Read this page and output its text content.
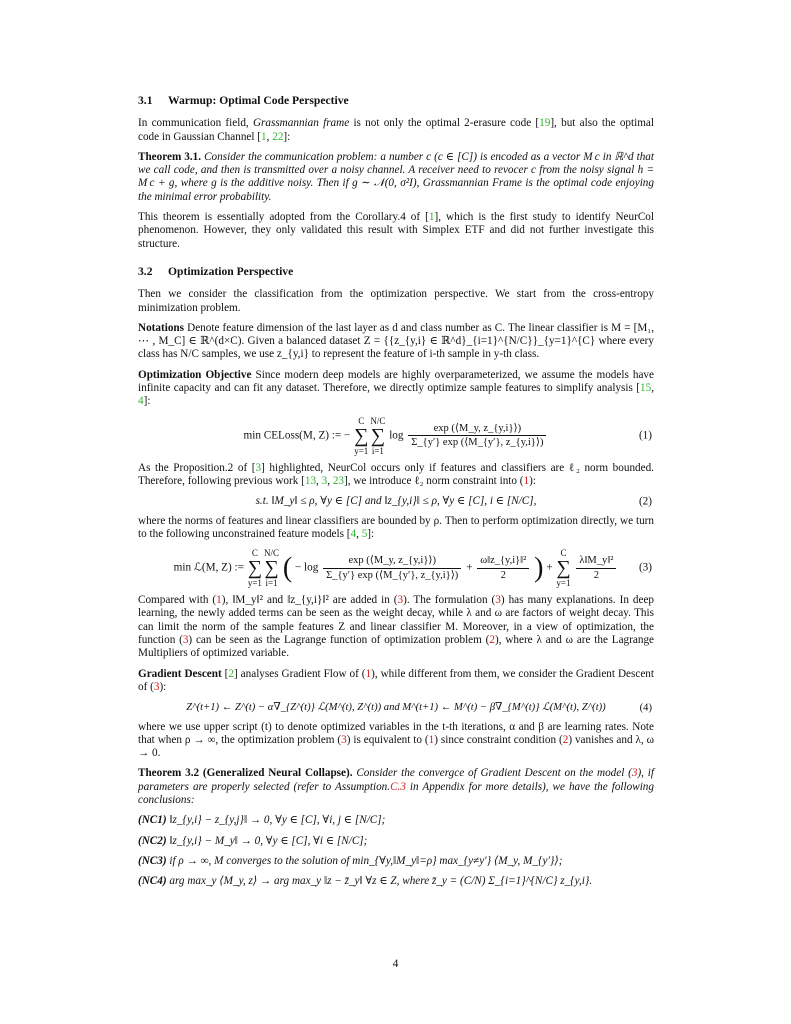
3.1 Warmup: Optimal Code Perspective

In communication field, Grassmannian frame is not only the optimal 2-erasure code [19], but also the optimal code in Gaussian Channel [1, 22]:

Theorem 3.1. Consider the communication problem: a number c (c ∈ [C]) is encoded as a vector M c in ℝ^d that we call code, and then is transmitted over a noisy channel. A receiver need to revocer c from the noisy signal h = M c + g, where g is the additive noisy. Then if g ∼ 𝒩(0, σ²I), Grassmannian Frame is the optimal code enjoying the minimal error probability.

This theorem is essentially adopted from the Corollary.4 of [1], which is the first study to identify NeurCol phenomenon. However, they only validated this result with Simplex ETF and did not further investigate this structure.

3.2 Optimization Perspective

Then we consider the classification from the optimization perspective. We start from the cross-entropy minimization problem.

Notations Denote feature dimension of the last layer as d and class number as C. The linear classifier is M = [M₁, ⋯ , M_C] ∈ ℝ^(d×C). Given a balanced dataset Z = {{z_{y,i} ∈ ℝ^d}_{i=1}^{N/C}}_{y=1}^{C} where every class has N/C samples, we use z_{y,i} to represent the feature of i-th sample in y-th class.

Optimization Objective Since modern deep models are highly overparameterized, we assume the models have infinite capacity and can fit any dataset. Therefore, we directly optimize sample features to simplify analysis [15, 4]:

min CELoss(M, Z) := − C
∑
y=1N/C
∑
i=1 $\log \frac{\exp (⟨M\_y, z\_\{y,i\}⟩)}{\Sigma\_\{y'\} \exp (⟨M\_\{y'\}, z\_\{y,i\}⟩)}$	(1)

As the Proposition.2 of [3] highlighted, NeurCol occurs only if features and classifiers are ℓ₂ norm bounded. Therefore, following previous work [13, 3, 23], we introduce ℓ₂ norm constraint into (1):

s.t. ‖M_y‖ ≤ ρ, ∀y ∈ [C] and ‖z_{y,i}‖ ≤ ρ, ∀y ∈ [C], i ∈ [N/C],	(2)

where the norms of features and linear classifiers are bounded by ρ. Then to perform optimization directly, we turn to the following unconstrained feature models [4, 5]:

min ℒ(M, Z) := C
∑
y=1N/C
∑
i=1 ( − $\log \frac{\exp (⟨M\_y, z\_\{y,i\}⟩)}{\Sigma\_\{y'\} \exp (⟨M\_\{y'\}, z\_\{y,i\}⟩)} + \frac{\text{ω‖z\_\{y,i\}‖²}}{2}$ ) + C
∑
y=1
$\frac{\text{λ‖M\_y‖²}}{2} (3)$

Compared with (1), ‖M_y‖² and ‖z_{y,i}‖² are added in (3). The formulation (3) has many explanations. In deep learning, the newly added terms can be seen as the weight decay, while λ and ω are factors of weight decay. This can limit the norm of the sample features Z and linear classifier M. Moreover, in a view of optimization, the function (3) can be seen as the Lagrange function of optimization problem (2), where λ and ω are the Lagrange Multipliers of optimized variable.

Gradient Descent [2] analyses Gradient Flow of (1), while different from them, we consider the Gradient Descent of (3):

Z^(t+1) ← Z^(t) − α∇_{Z^(t)} ℒ(M^(t), Z^(t)) and M^(t+1) ← M^(t) − β∇_{M^(t)} ℒ(M^(t), Z^(t))	(4)

where we use upper script (t) to denote optimized variables in the t-th iterations, α and β are learning rates. Note that when ρ → ∞, the optimization problem (3) is equivalent to (1) since constraint condition (2) vanishes and λ, ω → 0.

Theorem 3.2 (Generalized Neural Collapse). Consider the convergce of Gradient Descent on the model (3), if parameters are properly selected (refer to Assumption.C.3 in Appendix for more details), we have the following conclusions:

(NC1) ‖z_{y,i} − z_{y,j}‖ → 0, ∀y ∈ [C], ∀i, j ∈ [N/C];
(NC2) ‖z_{y,i} − M_y‖ → 0, ∀y ∈ [C], ∀i ∈ [N/C];
(NC3) if ρ → ∞, M converges to the solution of min_{∀y,‖M_y‖=ρ} max_{y≠y′} ⟨M_y, M_{y′}⟩;
(NC4) arg max_y ⟨M_y, z⟩ → arg max_y ‖z − z̄_y‖ ∀z ∈ Z, where z̄_y = (C/N) Σ_{i=1}^{N/C} z_{y,i}.
4
